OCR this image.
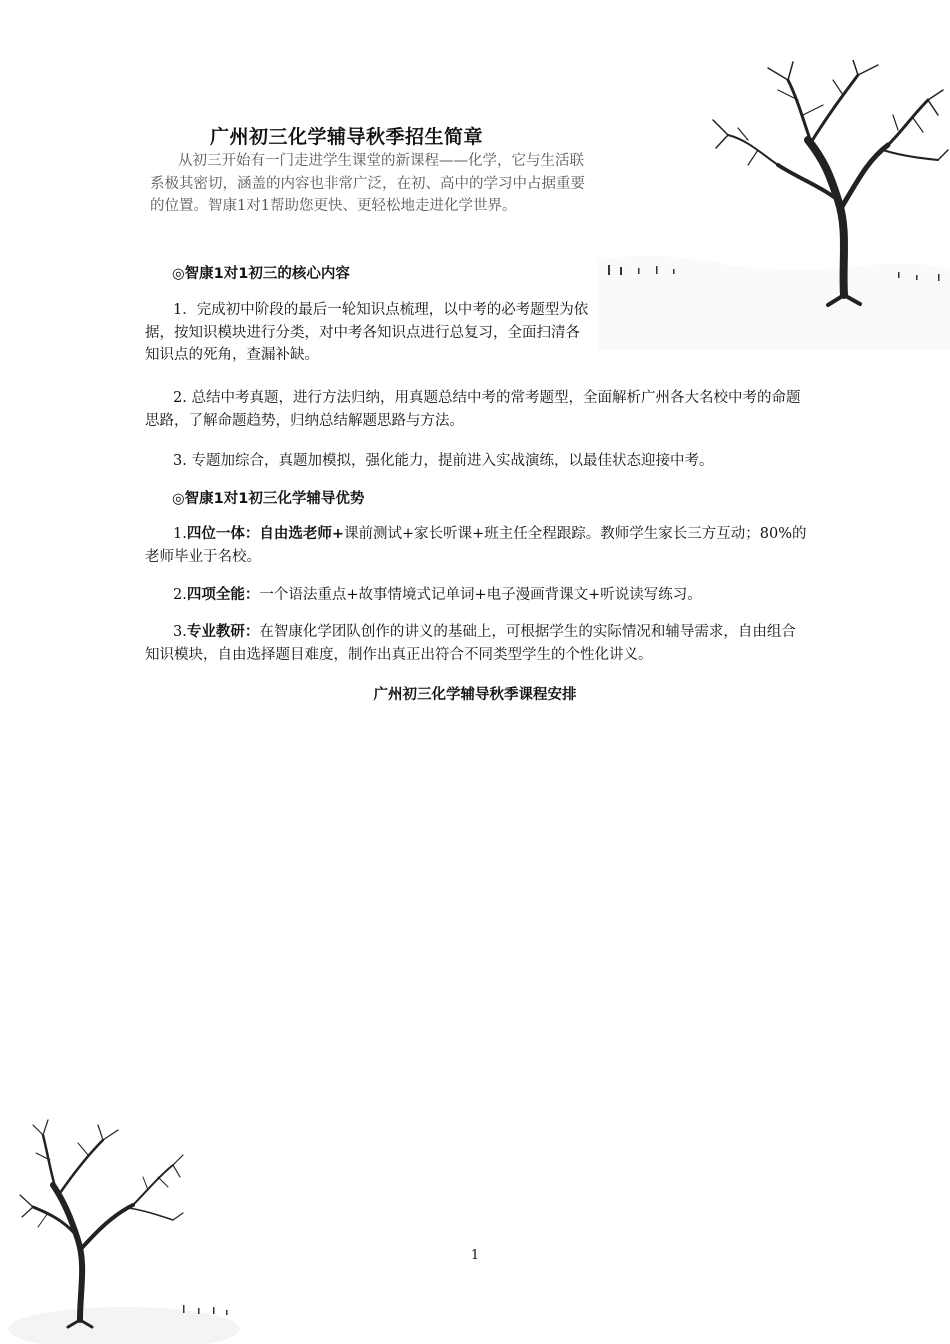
广州初三化学辅导秋季招生简章
从初三开始有一门走进学生课堂的新课程——化学，它与生活联系极其密切，涵盖的内容也非常广泛，在初、高中的学习中占据重要的位置。智康1对1帮助您更快、更轻松地走进化学世界。
◎智康1对1初三的核心内容
1．完成初中阶段的最后一轮知识点梳理，以中考的必考题型为依据，按知识模块进行分类，对中考各知识点进行总复习，全面扫清各知识点的死角，查漏补缺。
2. 总结中考真题，进行方法归纳，用真题总结中考的常考题型，全面解析广州各大名校中考的命题思路，了解命题趋势，归纳总结解题思路与方法。
3. 专题加综合，真题加模拟，强化能力，提前进入实战演练，以最佳状态迎接中考。
◎智康1对1初三化学辅导优势
1.四位一体：自由选老师+课前测试+家长听课+班主任全程跟踪。教师学生家长三方互动；80%的老师毕业于名校。
2.四项全能：一个语法重点+故事情境式记单词+电子漫画背课文+听说读写练习。
3.专业教研：在智康化学团队创作的讲义的基础上，可根据学生的实际情况和辅导需求，自由组合知识模块，自由选择题目难度，制作出真正出符合不同类型学生的个性化讲义。
广州初三化学辅导秋季课程安排
1
